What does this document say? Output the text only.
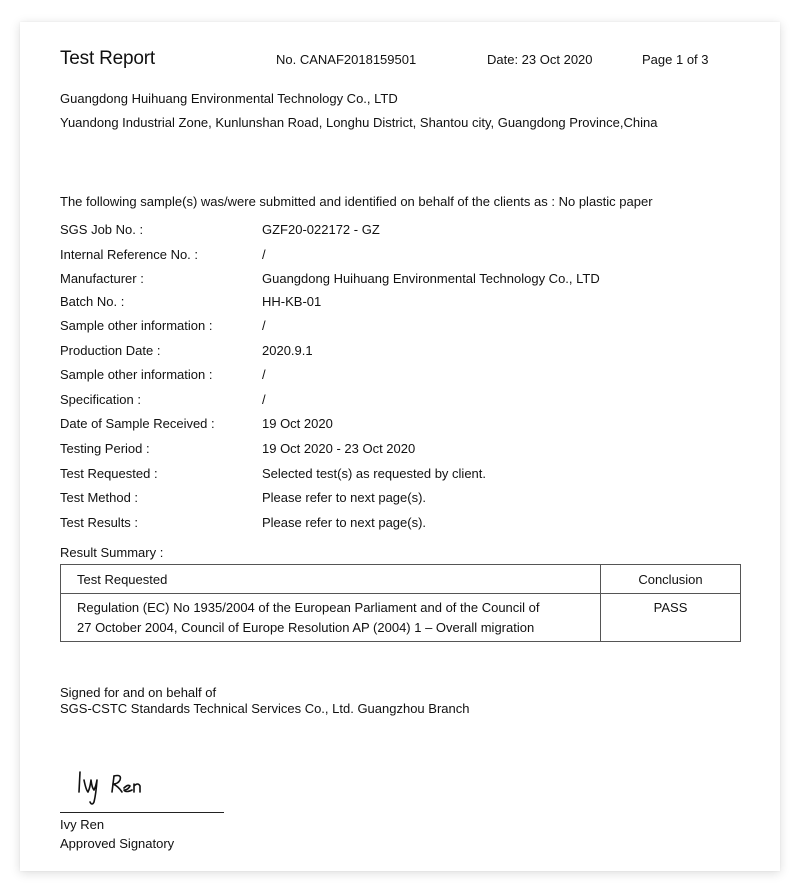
Test Report	No. CANAF2018159501	Date: 23 Oct 2020	Page 1 of 3
Guangdong Huihuang Environmental Technology Co., LTD
Yuandong Industrial Zone, Kunlunshan Road, Longhu District, Shantou city, Guangdong Province,China
The following sample(s) was/were submitted and identified on behalf of the clients as : No plastic paper
SGS Job No. :	GZF20-022172 - GZ
Internal Reference No. :	/
Manufacturer :	Guangdong Huihuang Environmental Technology Co., LTD
Batch No. :	HH-KB-01
Sample other information :	/
Production Date :	2020.9.1
Sample other information :	/
Specification :	/
Date of Sample Received :	19 Oct 2020
Testing Period :	19 Oct 2020 - 23 Oct 2020
Test Requested :	Selected test(s) as requested by client.
Test Method :	Please refer to next page(s).
Test Results :	Please refer to next page(s).
Result Summary :
Test Requested	Conclusion

Regulation (EC) No 1935/2004 of the European Parliament and of the Council of
27 October 2004, Council of Europe Resolution AP (2004) 1 – Overall migration	PASS
Signed for and on behalf of
SGS-CSTC Standards Technical Services Co., Ltd. Guangzhou Branch
Ivy Ren
Approved Signatory
